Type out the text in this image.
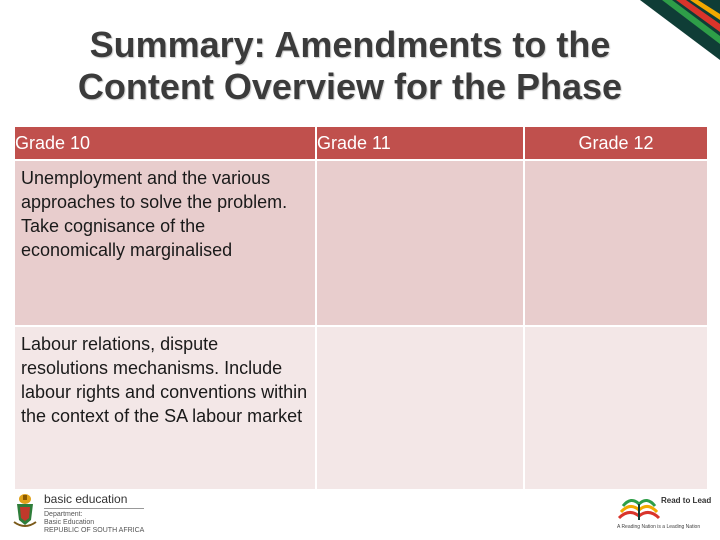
Summary: Amendments to the
Content Overview for the Phase
Grade 10	Grade 11	Grade 12

Unemployment and the various approaches to solve the problem. Take cognisance of the economically marginalised		

Labour relations, dispute resolutions mechanisms. Include labour rights and conventions within the context of the SA labour market		

basic education
Department:
Basic Education
REPUBLIC OF SOUTH AFRICA
Read to Lead
A Reading Nation is a Leading Nation
